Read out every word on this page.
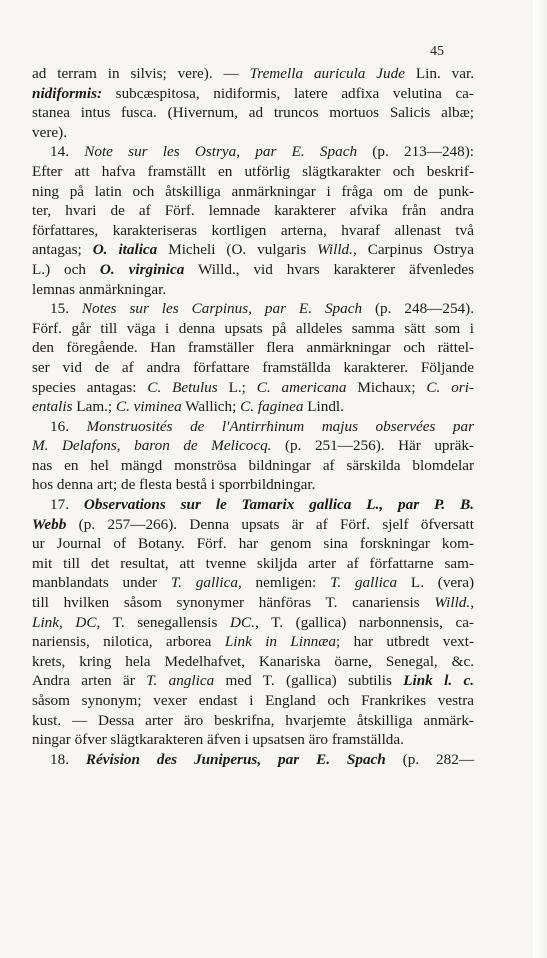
45
ad terram in silvis; vere). — Tremella auricula Jude Lin. var.
nidiformis: subcæspitosa, nidiformis, latere adfixa velutina ca-
stanea intus fusca. (Hivernum, ad truncos mortuos Salicis albæ;
vere).
14. Note sur les Ostrya, par E. Spach (p. 213—248):
Efter att hafva framställt en utförlig slägtkarakter och beskrif-
ning på latin och åtskilliga anmärkningar i fråga om de punk-
ter, hvari de af Förf. lemnade karakterer afvika från andra
författares, karakteriseras kortligen arterna, hvaraf allenast två
antagas; O. italica Micheli (O. vulgaris Willd., Carpinus Ostrya
L.) och O. virginica Willd., vid hvars karakterer äfvenledes
lemnas anmärkningar.
15. Notes sur les Carpinus, par E. Spach (p. 248—254).
Förf. går till väga i denna upsats på alldeles samma sätt som i
den föregående. Han framställer flera anmärkningar och rättel-
ser vid de af andra författare framställda karakterer. Följande
species antagas: C. Betulus L.; C. americana Michaux; C. ori-
entalis Lam.; C. viminea Wallich; C. faginea Lindl.
16. Monstruosités de l'Antirrhinum majus observées par
M. Delafons, baron de Melicocq. (p. 251—256). Här upräk-
nas en hel mängd monströsa bildningar af särskilda blomdelar
hos denna art; de flesta bestå i sporrbildningar.
17. Observations sur le Tamarix gallica L., par P. B.
Webb (p. 257—266). Denna upsats är af Förf. sjelf öfversatt
ur Journal of Botany. Förf. har genom sina forskningar kom-
mit till det resultat, att tvenne skiljda arter af författarne sam-
manblandats under T. gallica, nemligen: T. gallica L. (vera)
till hvilken såsom synonymer hänföras T. canariensis Willd.,
Link, DC, T. senegallensis DC., T. (gallica) narbonnensis, ca-
nariensis, nilotica, arborea Link in Linnæa; har utbredt vext-
krets, kring hela Medelhafvet, Kanariska öarne, Senegal, &c.
Andra arten är T. anglica med T. (gallica) subtilis Link l. c.
såsom synonym; vexer endast i England och Frankrikes vestra
kust. — Dessa arter äro beskrifna, hvarjemte åtskilliga anmärk-
ningar öfver slägtkarakteren äfven i upsatsen äro framställda.
18. Révision des Juniperus, par E. Spach (p. 282—
